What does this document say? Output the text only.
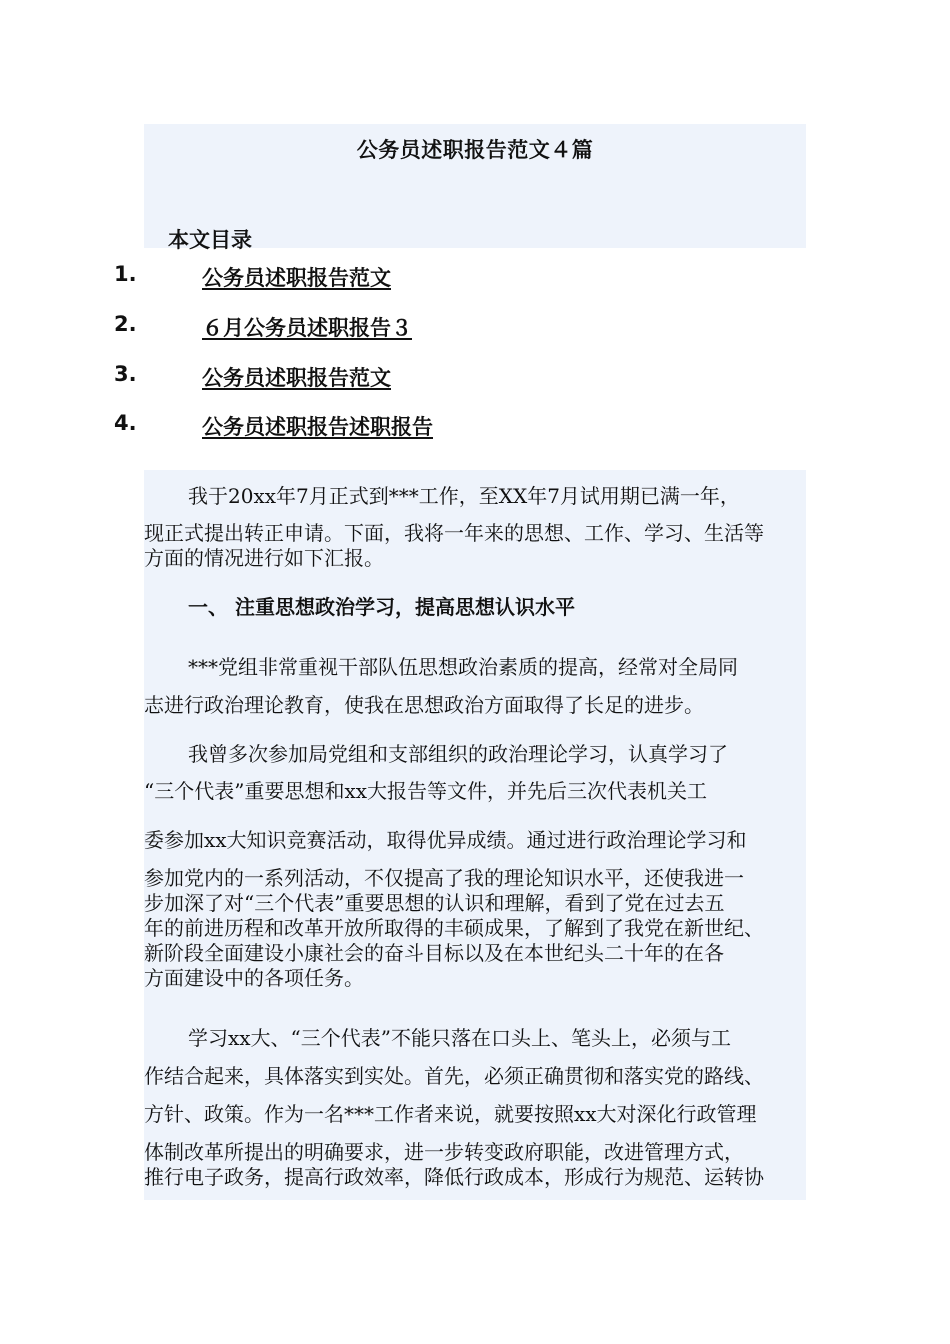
公务员述职报告范文４篇
本文目录
1.	公务员述职报告范文
2.	６月公务员述职报告３
3.	公务员述职报告范文
4.	公务员述职报告述职报告
我于20xx年7月正式到***工作，至XX年7月试用期已满一年，
现正式提出转正申请。下面，我将一年来的思想、工作、学习、生活等
方面的情况进行如下汇报。
一、 注重思想政治学习，提高思想认识水平
***党组非常重视干部队伍思想政治素质的提高，经常对全局同
志进行政治理论教育，使我在思想政治方面取得了长足的进步。
我曾多次参加局党组和支部组织的政治理论学习，认真学习了
“三个代表”重要思想和xx大报告等文件，并先后三次代表机关工
委参加xx大知识竞赛活动，取得优异成绩。通过进行政治理论学习和
参加党内的一系列活动，不仅提高了我的理论知识水平，还使我进一
步加深了对“三个代表”重要思想的认识和理解，看到了党在过去五
年的前进历程和改革开放所取得的丰硕成果，了解到了我党在新世纪、
新阶段全面建设小康社会的奋斗目标以及在本世纪头二十年的在各
方面建设中的各项任务。
学习xx大、“三个代表”不能只落在口头上、笔头上，必须与工
作结合起来，具体落实到实处。首先，必须正确贯彻和落实党的路线、
方针、政策。作为一名***工作者来说，就要按照xx大对深化行政管理
体制改革所提出的明确要求，进一步转变政府职能，改进管理方式，
推行电子政务，提高行政效率，降低行政成本，形成行为规范、运转协
